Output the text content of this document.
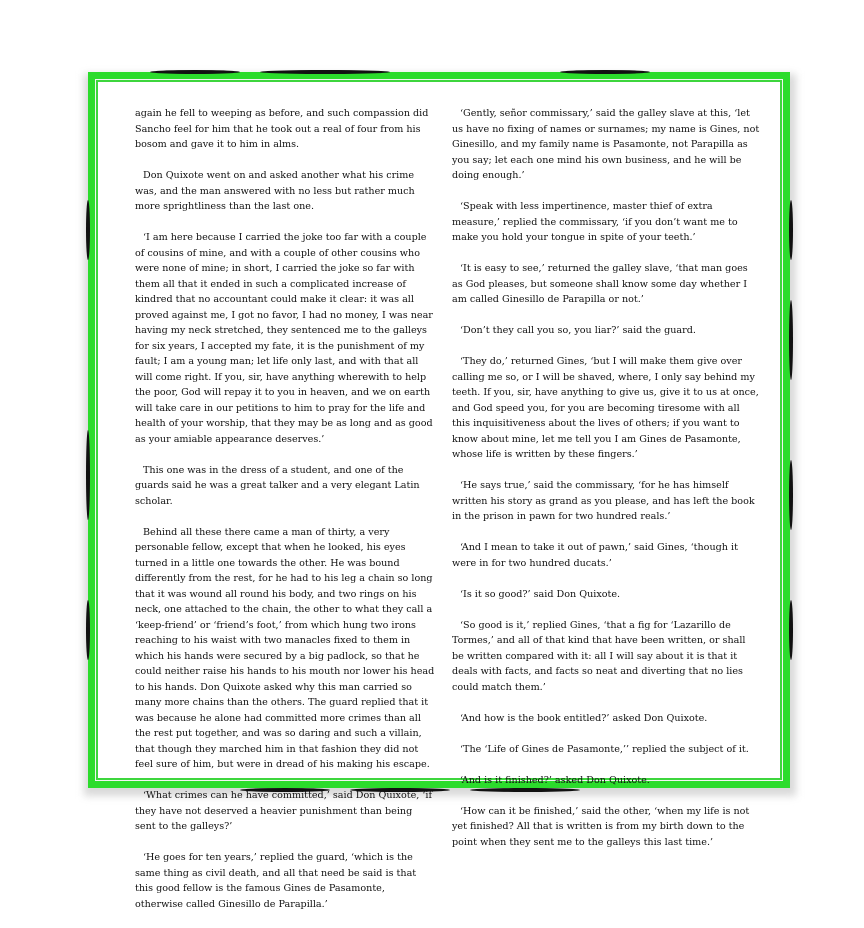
again he fell to weeping as before, and such compassion did Sancho feel for him that he took out a real of four from his bosom and gave it to him in alms.

Don Quixote went on and asked another what his crime was, and the man answered with no less but rather much more sprightliness than the last one.

‘I am here because I carried the joke too far with a couple of cousins of mine, and with a couple of other cousins who were none of mine; in short, I carried the joke so far with them all that it ended in such a complicated increase of kindred that no accountant could make it clear: it was all proved against me, I got no favor, I had no money, I was near having my neck stretched, they sentenced me to the galleys for six years, I accepted my fate, it is the punishment of my fault; I am a young man; let life only last, and with that all will come right. If you, sir, have anything wherewith to help the poor, God will repay it to you in heaven, and we on earth will take care in our petitions to him to pray for the life and health of your worship, that they may be as long and as good as your amiable appearance deserves.’

This one was in the dress of a student, and one of the guards said he was a great talker and a very elegant Latin scholar.

Behind all these there came a man of thirty, a very personable fellow, except that when he looked, his eyes turned in a little one towards the other. He was bound differently from the rest, for he had to his leg a chain so long that it was wound all round his body, and two rings on his neck, one attached to the chain, the other to what they call a ‘keep-friend’ or ‘friend’s foot,’ from which hung two irons reaching to his waist with two manacles fixed to them in which his hands were secured by a big padlock, so that he could neither raise his hands to his mouth nor lower his head to his hands. Don Quixote asked why this man carried so many more chains than the others. The guard replied that it was because he alone had committed more crimes than all the rest put together, and was so daring and such a villain, that though they marched him in that fashion they did not feel sure of him, but were in dread of his making his escape.

‘What crimes can he have committed,’ said Don Quixote, ‘if they have not deserved a heavier punishment than being sent to the galleys?’

‘He goes for ten years,’ replied the guard, ‘which is the same thing as civil death, and all that need be said is that this good fellow is the famous Gines de Pasamonte, otherwise called Ginesillo de Parapilla.’

‘Gently, señor commissary,’ said the galley slave at this, ‘let us have no fixing of names or surnames; my name is Gines, not Ginesillo, and my family name is Pasamonte, not Parapilla as you say; let each one mind his own business, and he will be doing enough.’

‘Speak with less impertinence, master thief of extra measure,’ replied the commissary, ‘if you don’t want me to make you hold your tongue in spite of your teeth.’

‘It is easy to see,’ returned the galley slave, ‘that man goes as God pleases, but someone shall know some day whether I am called Ginesillo de Parapilla or not.’

‘Don’t they call you so, you liar?’ said the guard.

‘They do,’ returned Gines, ‘but I will make them give over calling me so, or I will be shaved, where, I only say behind my teeth. If you, sir, have anything to give us, give it to us at once, and God speed you, for you are becoming tiresome with all this inquisitiveness about the lives of others; if you want to know about mine, let me tell you I am Gines de Pasamonte, whose life is written by these fingers.’

‘He says true,’ said the commissary, ‘for he has himself written his story as grand as you please, and has left the book in the prison in pawn for two hundred reals.’

‘And I mean to take it out of pawn,’ said Gines, ‘though it were in for two hundred ducats.’

‘Is it so good?’ said Don Quixote.

‘So good is it,’ replied Gines, ‘that a fig for ‘Lazarillo de Tormes,’ and all of that kind that have been written, or shall be written compared with it: all I will say about it is that it deals with facts, and facts so neat and diverting that no lies could match them.’

‘And how is the book entitled?’ asked Don Quixote.

‘The ‘Life of Gines de Pasamonte,’’ replied the subject of it.

‘And is it finished?’ asked Don Quixote.

‘How can it be finished,’ said the other, ‘when my life is not yet finished? All that is written is from my birth down to the point when they sent me to the galleys this last time.’
